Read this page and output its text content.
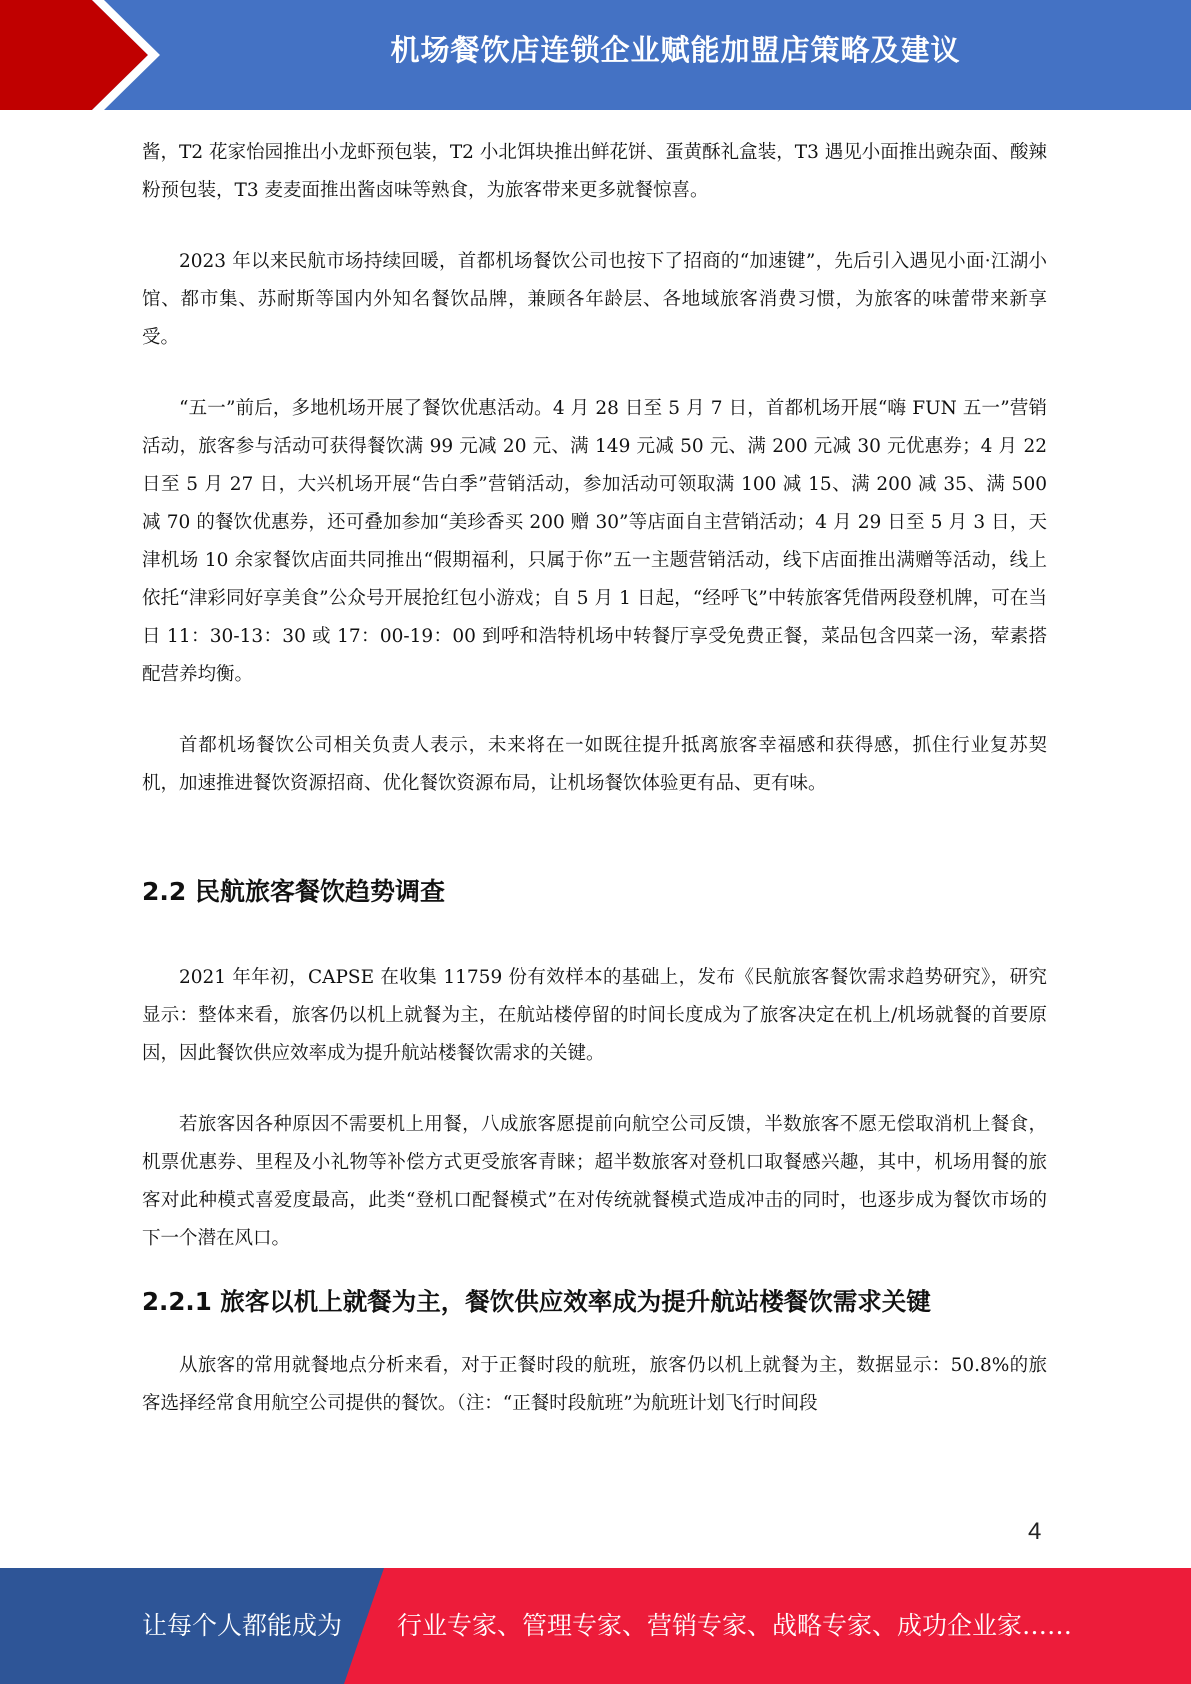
机场餐饮店连锁企业赋能加盟店策略及建议

酱，T2 花家怡园推出小龙虾预包装，T2 小北饵块推出鲜花饼、蛋黄酥礼盒装，T3 遇见小面推出豌杂面、酸辣粉预包装，T3 麦麦面推出酱卤味等熟食，为旅客带来更多就餐惊喜。

2023 年以来民航市场持续回暖，首都机场餐饮公司也按下了招商的“加速键”，先后引入遇见小面·江湖小馆、都市集、苏耐斯等国内外知名餐饮品牌，兼顾各年龄层、各地域旅客消费习惯，为旅客的味蕾带来新享受。

“五一”前后，多地机场开展了餐饮优惠活动。4 月 28 日至 5 月 7 日，首都机场开展“嗨 FUN 五一”营销活动，旅客参与活动可获得餐饮满 99 元减 20 元、满 149 元减 50 元、满 200 元减 30 元优惠券；4 月 22 日至 5 月 27 日，大兴机场开展“告白季”营销活动，参加活动可领取满 100 减 15、满 200 减 35、满 500 减 70 的餐饮优惠券，还可叠加参加“美珍香买 200 赠 30”等店面自主营销活动；4 月 29 日至 5 月 3 日，天津机场 10 余家餐饮店面共同推出“假期福利，只属于你”五一主题营销活动，线下店面推出满赠等活动，线上依托“津彩同好享美食”公众号开展抢红包小游戏；自 5 月 1 日起，“经呼飞”中转旅客凭借两段登机牌，可在当日 11：30-13：30 或 17：00-19：00 到呼和浩特机场中转餐厅享受免费正餐，菜品包含四菜一汤，荤素搭配营养均衡。

首都机场餐饮公司相关负责人表示，未来将在一如既往提升抵离旅客幸福感和获得感，抓住行业复苏契机，加速推进餐饮资源招商、优化餐饮资源布局，让机场餐饮体验更有品、更有味。

2.2 民航旅客餐饮趋势调查

2021 年年初，CAPSE 在收集 11759 份有效样本的基础上，发布《民航旅客餐饮需求趋势研究》，研究显示：整体来看，旅客仍以机上就餐为主，在航站楼停留的时间长度成为了旅客决定在机上/机场就餐的首要原因，因此餐饮供应效率成为提升航站楼餐饮需求的关键。

若旅客因各种原因不需要机上用餐，八成旅客愿提前向航空公司反馈，半数旅客不愿无偿取消机上餐食，机票优惠券、里程及小礼物等补偿方式更受旅客青睐；超半数旅客对登机口取餐感兴趣，其中，机场用餐的旅客对此种模式喜爱度最高，此类“登机口配餐模式”在对传统就餐模式造成冲击的同时，也逐步成为餐饮市场的下一个潜在风口。

2.2.1 旅客以机上就餐为主，餐饮供应效率成为提升航站楼餐饮需求关键

从旅客的常用就餐地点分析来看，对于正餐时段的航班，旅客仍以机上就餐为主，数据显示：50.8%的旅客选择经常食用航空公司提供的餐饮。（注：“正餐时段航班”为航班计划飞行时间段

4
让每个人都能成为 行业专家、管理专家、营销专家、战略专家、成功企业家……
